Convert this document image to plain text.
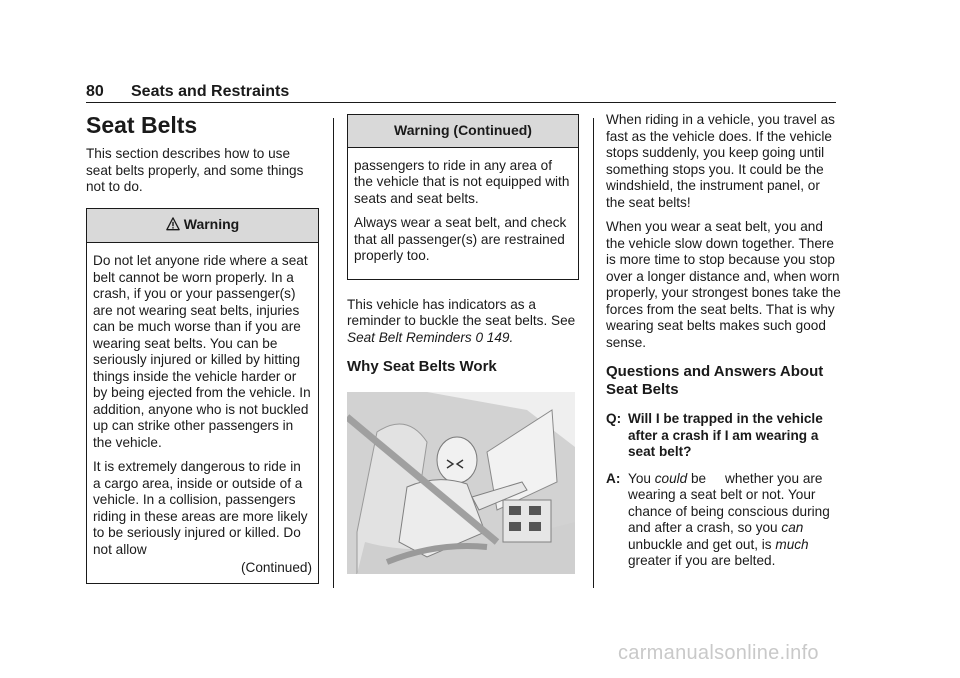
80 Seats and Restraints
Seat Belts

This section describes how to use seat belts properly, and some things not to do.

Warning

Do not let anyone ride where a seat belt cannot be worn properly. In a crash, if you or your passenger(s) are not wearing seat belts, injuries can be much worse than if you are wearing seat belts. You can be seriously injured or killed by hitting things inside the vehicle harder or by being ejected from the vehicle. In addition, anyone who is not buckled up can strike other passengers in the vehicle.

It is extremely dangerous to ride in a cargo area, inside or outside of a vehicle. In a collision, passengers riding in these areas are more likely to be seriously injured or killed. Do not allow

(Continued)
Warning (Continued)

passengers to ride in any area of the vehicle that is not equipped with seats and seat belts.

Always wear a seat belt, and check that all passenger(s) are restrained properly too.

This vehicle has indicators as a reminder to buckle the seat belts. See Seat Belt Reminders 0 149.

Why Seat Belts Work

When riding in a vehicle, you travel as fast as the vehicle does. If the vehicle stops suddenly, you keep going until something stops you. It could be the windshield, the instrument panel, or the seat belts!

When you wear a seat belt, you and the vehicle slow down together. There is more time to stop because you stop over a longer distance and, when worn properly, your strongest bones take the forces from the seat belts. That is why wearing seat belts makes such good sense.

Questions and Answers About Seat Belts
Q: Will I be trapped in the vehicle after a crash if I am wearing a seat belt?
A: You could be     whether you are wearing a seat belt or not. Your chance of being conscious during and after a crash, so you can unbuckle and get out, is much greater if you are belted.
carmanualsonline.info
